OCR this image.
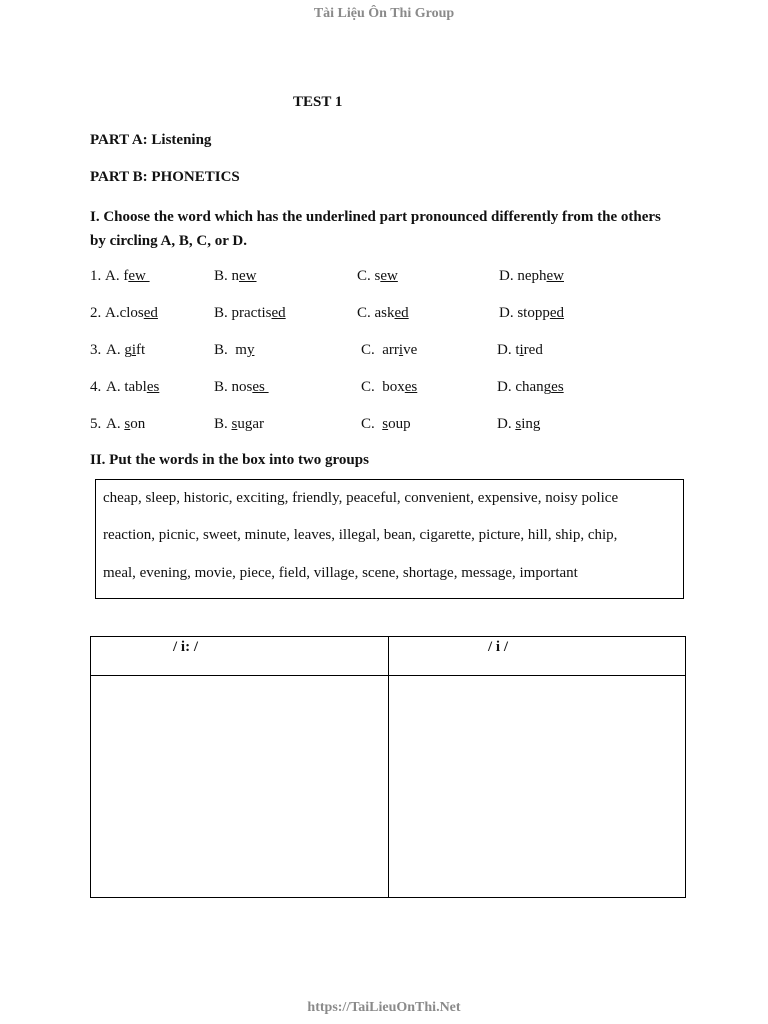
Tài Liệu Ôn Thi Group
TEST 1
PART A: Listening
PART B: PHONETICS
I. Choose the word which has the underlined part pronounced differently from the others by circling A, B, C, or D.
1. A. few	B. new	C. sew	D. nephew
2. A.closed	B. practised	C. asked	D. stopped
3. A. gift	B.  my	C.  arrive	D. tired
4. A. tables	B. noses	C.  boxes	D. changes
5. A. son	B. sugar	C.  soup	D. sing
II. Put the words in the box into two groups
cheap, sleep, historic, exciting, friendly, peaceful, convenient, expensive, noisy police
reaction, picnic, sweet, minute, leaves, illegal, bean, cigarette, picture, hill, ship, chip,
meal, evening, movie, piece, field, village, scene, shortage, message, important
/ i: /	/ i /
https://TaiLieuOnThi.Net
